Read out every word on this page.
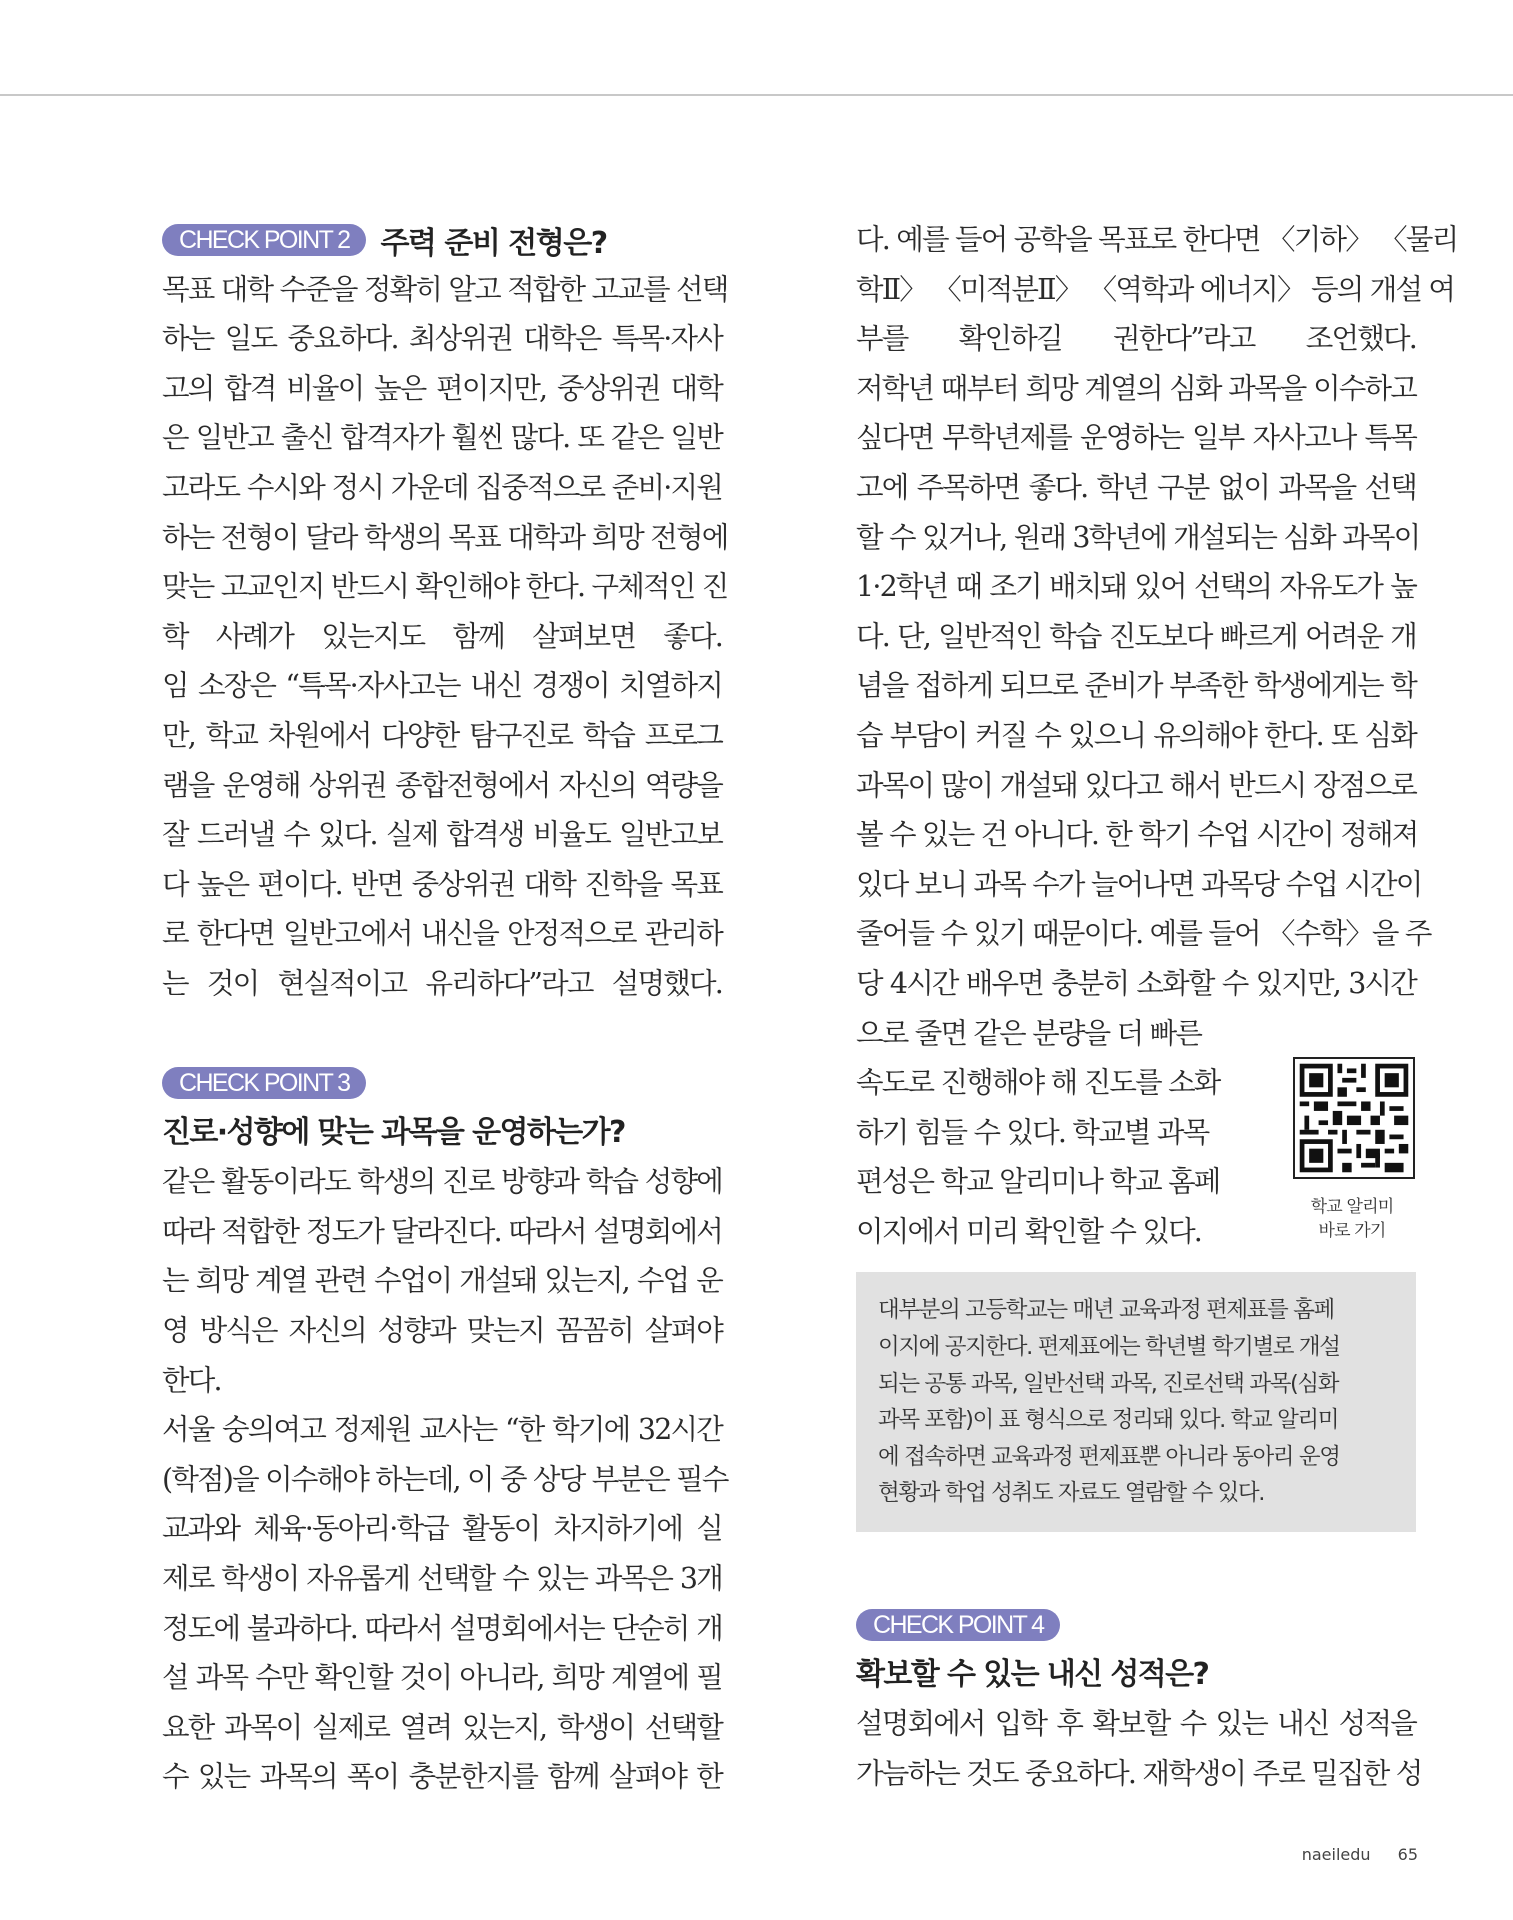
CHECK POINT 2	주력 준비 전형은?
목표 대학 수준을 정확히 알고 적합한 고교를 선택
하는 일도 중요하다. 최상위권 대학은 특목·자사
고의 합격 비율이 높은 편이지만, 중상위권 대학
은 일반고 출신 합격자가 훨씬 많다. 또 같은 일반
고라도 수시와 정시 가운데 집중적으로 준비·지원
하는 전형이 달라 학생의 목표 대학과 희망 전형에
맞는 고교인지 반드시 확인해야 한다. 구체적인 진
학 사례가 있는지도 함께 살펴보면 좋다.
임 소장은 “특목·자사고는 내신 경쟁이 치열하지
만, 학교 차원에서 다양한 탐구진로 학습 프로그
램을 운영해 상위권 종합전형에서 자신의 역량을
잘 드러낼 수 있다. 실제 합격생 비율도 일반고보
다 높은 편이다. 반면 중상위권 대학 진학을 목표
로 한다면 일반고에서 내신을 안정적으로 관리하
는 것이 현실적이고 유리하다”라고 설명했다.
CHECK POINT 3
진로·성향에 맞는 과목을 운영하는가?
같은 활동이라도 학생의 진로 방향과 학습 성향에
따라 적합한 정도가 달라진다. 따라서 설명회에서
는 희망 계열 관련 수업이 개설돼 있는지, 수업 운
영 방식은 자신의 성향과 맞는지 꼼꼼히 살펴야
한다.
서울 숭의여고 정제원 교사는 “한 학기에 32시간
(학점)을 이수해야 하는데, 이 중 상당 부분은 필수
교과와 체육·동아리·학급 활동이 차지하기에 실
제로 학생이 자유롭게 선택할 수 있는 과목은 3개
정도에 불과하다. 따라서 설명회에서는 단순히 개
설 과목 수만 확인할 것이 아니라, 희망 계열에 필
요한 과목이 실제로 열려 있는지, 학생이 선택할
수 있는 과목의 폭이 충분한지를 함께 살펴야 한
다. 예를 들어 공학을 목표로 한다면 〈기하〉 〈물리
학Ⅱ〉 〈미적분Ⅱ〉 〈역학과 에너지〉 등의 개설 여
부를 확인하길 권한다”라고 조언했다.
저학년 때부터 희망 계열의 심화 과목을 이수하고
싶다면 무학년제를 운영하는 일부 자사고나 특목
고에 주목하면 좋다. 학년 구분 없이 과목을 선택
할 수 있거나, 원래 3학년에 개설되는 심화 과목이
1·2학년 때 조기 배치돼 있어 선택의 자유도가 높
다. 단, 일반적인 학습 진도보다 빠르게 어려운 개
념을 접하게 되므로 준비가 부족한 학생에게는 학
습 부담이 커질 수 있으니 유의해야 한다. 또 심화
과목이 많이 개설돼 있다고 해서 반드시 장점으로
볼 수 있는 건 아니다. 한 학기 수업 시간이 정해져
있다 보니 과목 수가 늘어나면 과목당 수업 시간이
줄어들 수 있기 때문이다. 예를 들어 〈수학〉을 주
당 4시간 배우면 충분히 소화할 수 있지만, 3시간
으로 줄면 같은 분량을 더 빠른
속도로 진행해야 해 진도를 소화
하기 힘들 수 있다. 학교별 과목
편성은 학교 알리미나 학교 홈페
이지에서 미리 확인할 수 있다.
학교 알리미
바로 가기
대부분의 고등학교는 매년 교육과정 편제표를 홈페
이지에 공지한다. 편제표에는 학년별 학기별로 개설
되는 공통 과목, 일반선택 과목, 진로선택 과목(심화
과목 포함)이 표 형식으로 정리돼 있다. 학교 알리미
에 접속하면 교육과정 편제표뿐 아니라 동아리 운영
현황과 학업 성취도 자료도 열람할 수 있다.
CHECK POINT 4
확보할 수 있는 내신 성적은?
설명회에서 입학 후 확보할 수 있는 내신 성적을
가늠하는 것도 중요하다. 재학생이 주로 밀집한 성
naeiledu 65
